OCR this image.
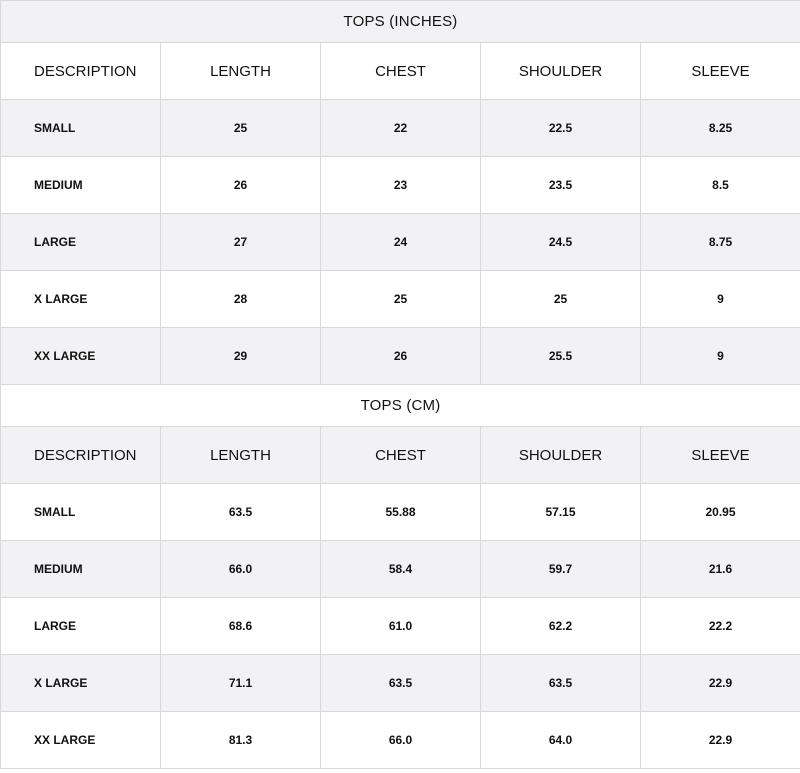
TOPS (INCHES)				
DESCRIPTION	LENGTH	CHEST	SHOULDER	SLEEVE
SMALL	25	22	22.5	8.25
MEDIUM	26	23	23.5	8.5
LARGE	27	24	24.5	8.75
X LARGE	28	25	25	9
XX LARGE	29	26	25.5	9
TOPS (CM)				
DESCRIPTION	LENGTH	CHEST	SHOULDER	SLEEVE
SMALL	63.5	55.88	57.15	20.95
MEDIUM	66.0	58.4	59.7	21.6
LARGE	68.6	61.0	62.2	22.2
X LARGE	71.1	63.5	63.5	22.9
XX LARGE	81.3	66.0	64.0	22.9
